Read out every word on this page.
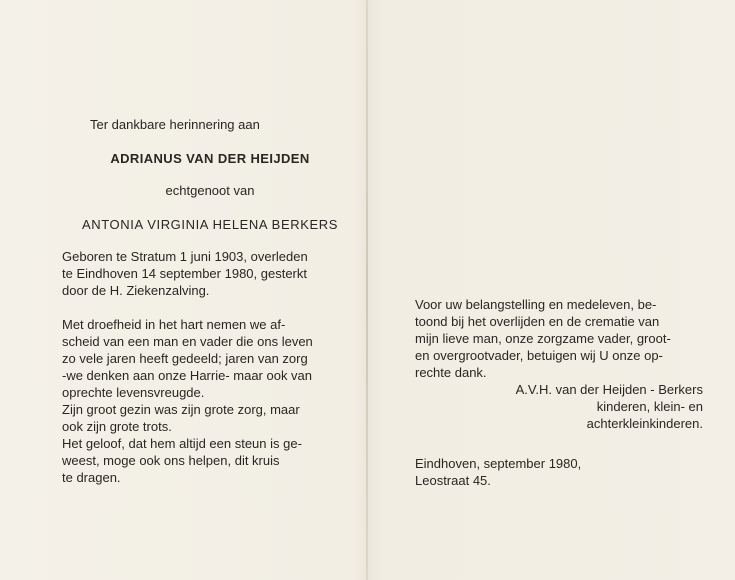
Ter dankbare herinnering aan
ADRIANUS VAN DER HEIJDEN
echtgenoot van
ANTONIA VIRGINIA HELENA BERKERS
Geboren te Stratum 1 juni 1903, overleden
te Eindhoven 14 september 1980, gesterkt
door de H. Ziekenzalving.
Met droefheid in het hart nemen we af-
scheid van een man en vader die ons leven
zo vele jaren heeft gedeeld; jaren van zorg
-we denken aan onze Harrie- maar ook van
oprechte levensvreugde.
Zijn groot gezin was zijn grote zorg, maar
ook zijn grote trots.
Het geloof, dat hem altijd een steun is ge-
weest, moge ook ons helpen, dit kruis
te dragen.
Voor uw belangstelling en medeleven, be-
toond bij het overlijden en de crematie van
mijn lieve man, onze zorgzame vader, groot-
en overgrootvader, betuigen wij U onze op-
rechte dank.
A.V.H. van der Heijden - Berkers
kinderen, klein- en
achterkleinkinderen.
Eindhoven, september 1980,
Leostraat 45.
